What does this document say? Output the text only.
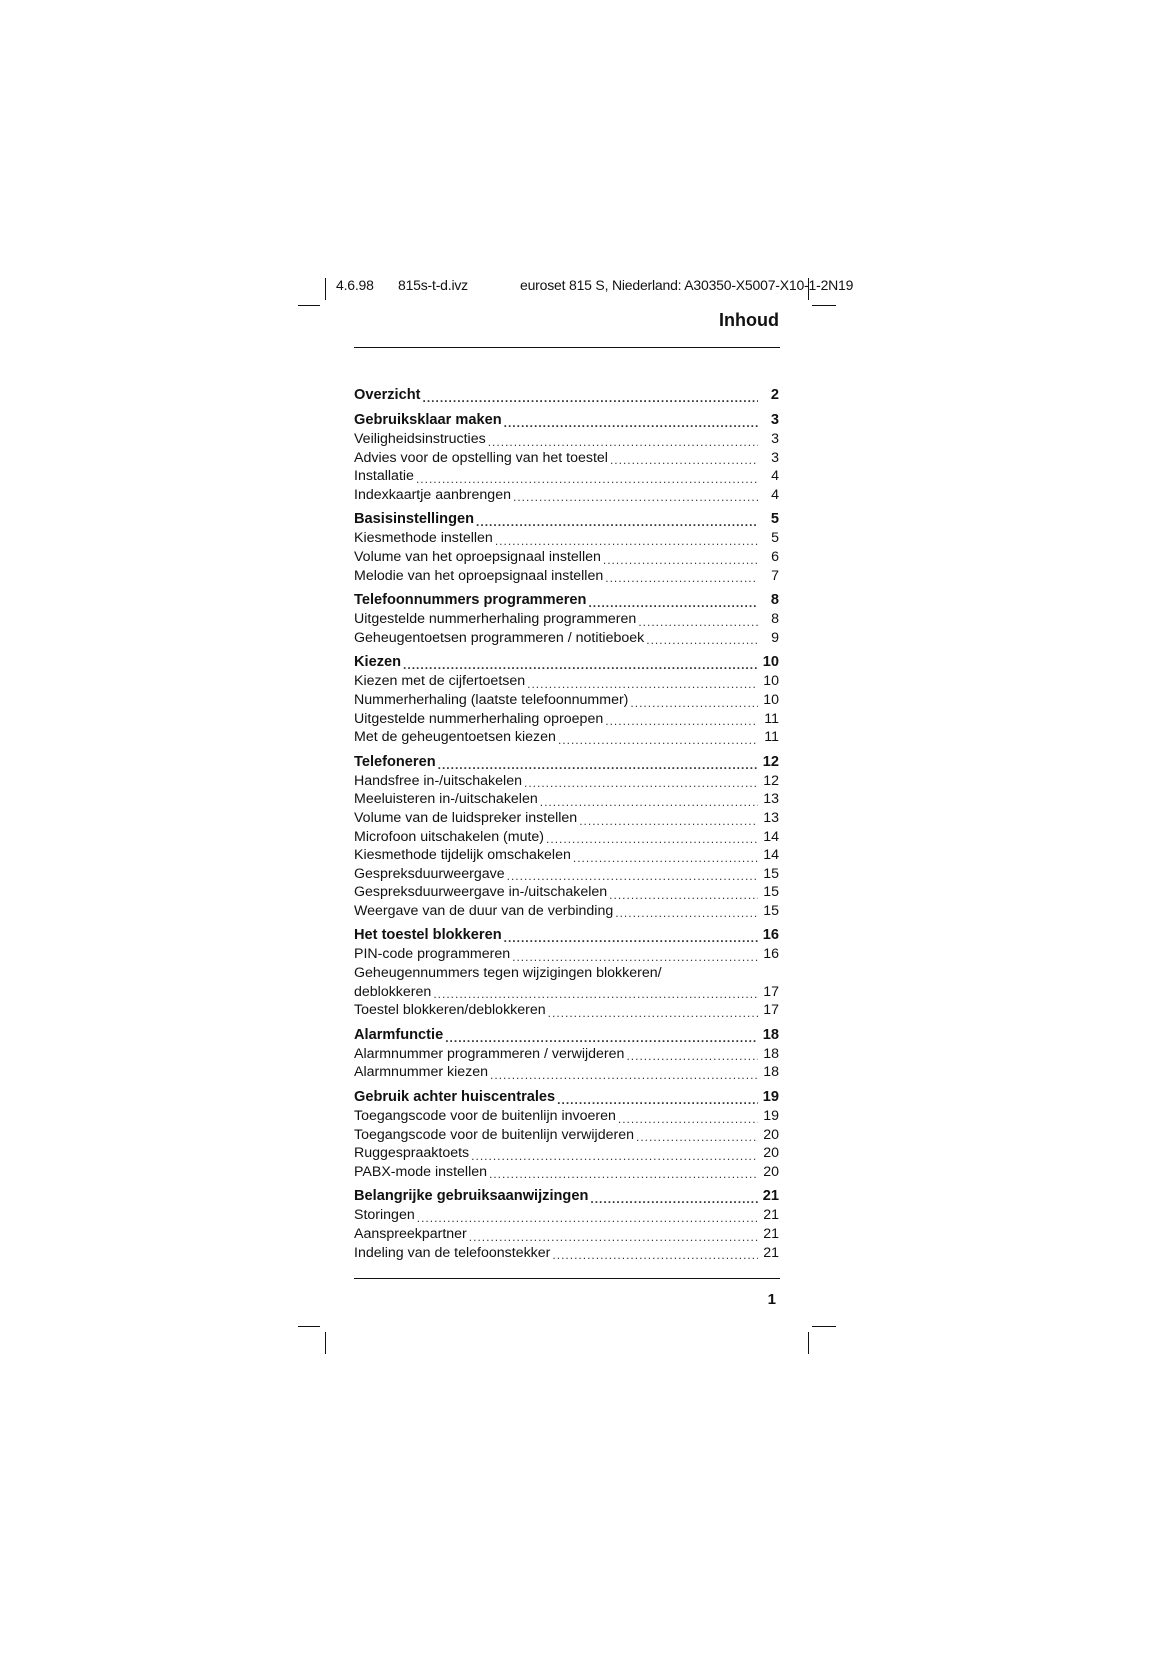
4.6.98 815s-t-d.ivz	euroset 815 S, Niederland: A30350-X5007-X10-1-2N19
Inhoud
Overzicht .....	2
Gebruiksklaar maken .....	3
Veiligheidsinstructies .....	3
Advies voor de opstelling van het toestel .....	3
Installatie .....	4
Indexkaartje aanbrengen .....	4
Basisinstellingen .....	5
Kiesmethode instellen .....	5
Volume van het oproepsignaal instellen .....	6
Melodie van het oproepsignaal instellen .....	7
Telefoonnummers programmeren .....	8
Uitgestelde nummerherhaling programmeren .....	8
Geheugentoetsen programmeren / notitieboek .....	9
Kiezen .....	10
Kiezen met de cijfertoetsen .....	10
Nummerherhaling (laatste telefoonnummer) .....	10
Uitgestelde nummerherhaling oproepen .....	11
Met de geheugentoetsen kiezen .....	11
Telefoneren .....	12
Handsfree in-/uitschakelen .....	12
Meeluisteren in-/uitschakelen .....	13
Volume van de luidspreker instellen .....	13
Microfoon uitschakelen (mute) .....	14
Kiesmethode tijdelijk omschakelen .....	14
Gespreksduurweergave .....	15
Gespreksduurweergave in-/uitschakelen .....	15
Weergave van de duur van de verbinding .....	15
Het toestel blokkeren .....	16
PIN-code programmeren .....	16
Geheugennummers tegen wijzigingen blokkeren/
deblokkeren .....	17
Toestel blokkeren/deblokkeren .....	17
Alarmfunctie .....	18
Alarmnummer programmeren / verwijderen .....	18
Alarmnummer kiezen .....	18
Gebruik achter huiscentrales .....	19
Toegangscode voor de buitenlijn invoeren .....	19
Toegangscode voor de buitenlijn verwijderen .....	20
Ruggespraaktoets .....	20
PABX-mode instellen .....	20
Belangrijke gebruiksaanwijzingen .....	21
Storingen .....	21
Aanspreekpartner .....	21
Indeling van de telefoonstekker .....	21
1
